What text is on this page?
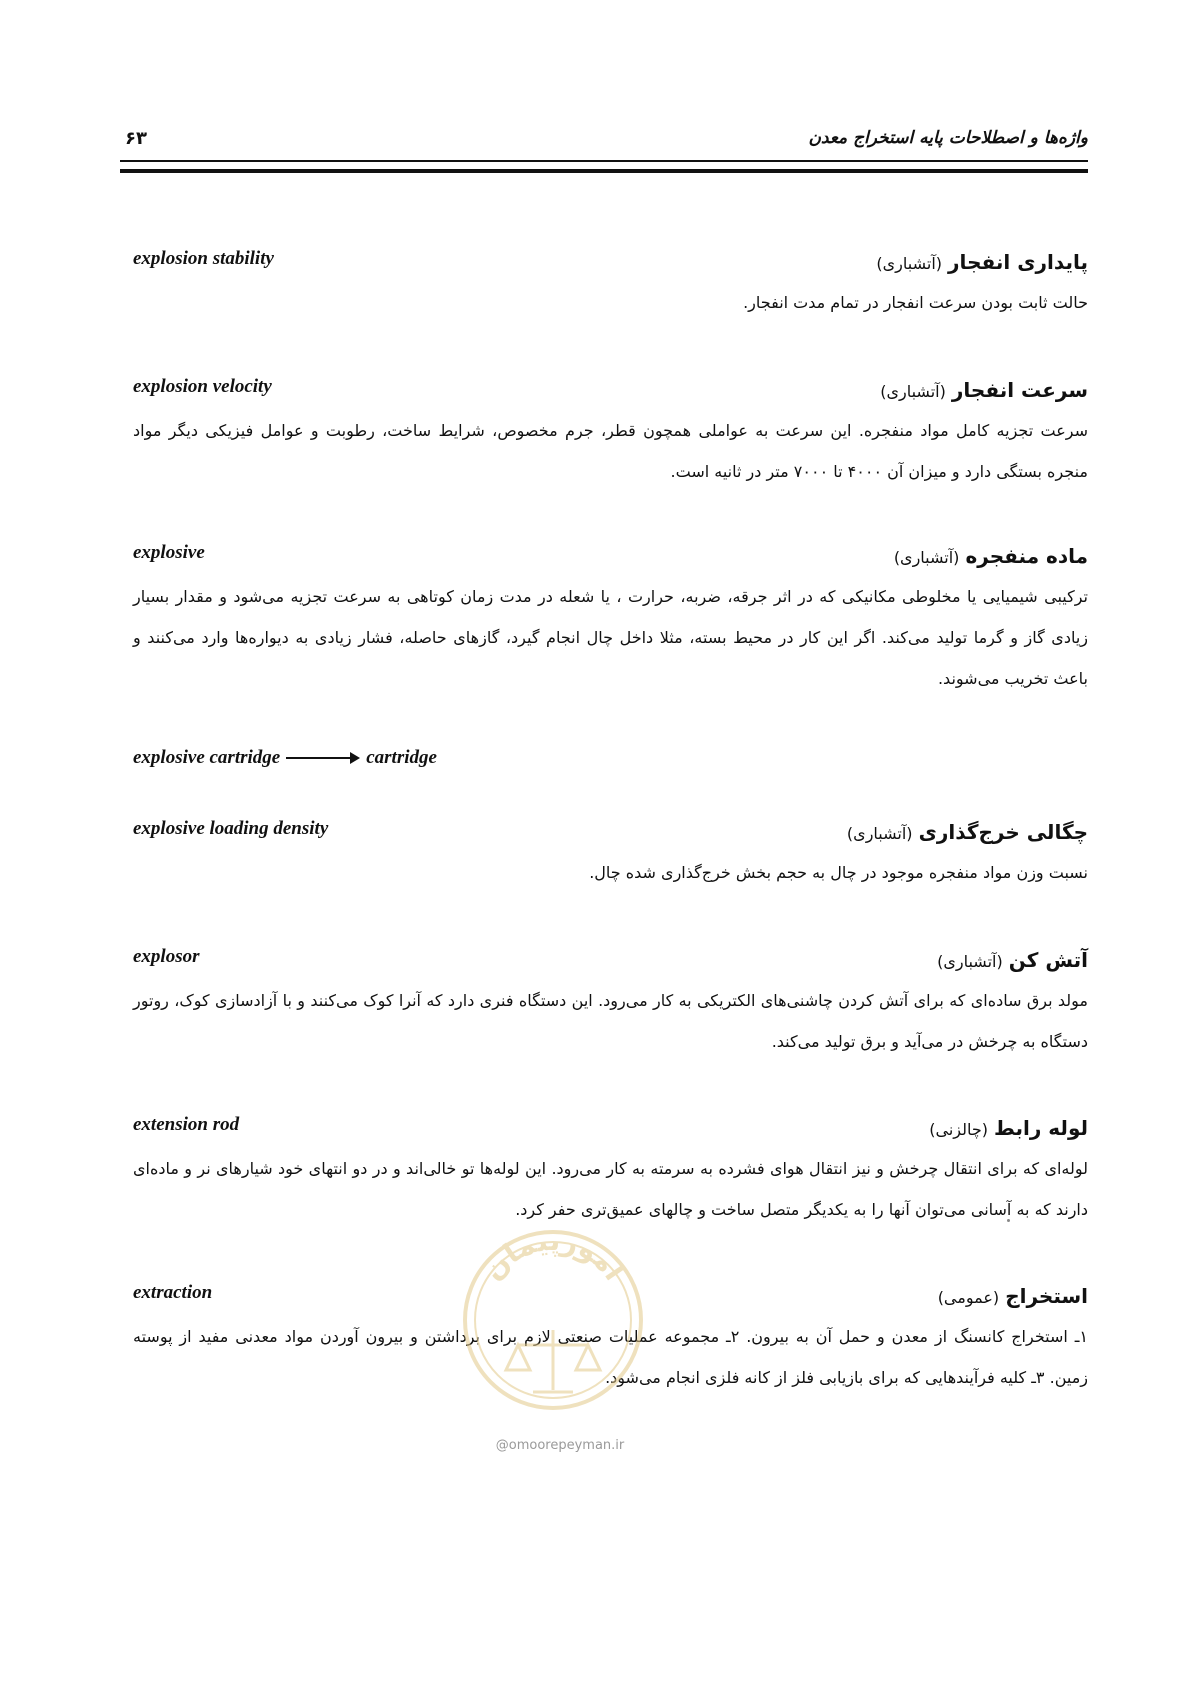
واژه‌ها و اصطلاحات پایه استخراج معدن
۶۳
explosion stability	پایداری انفجار (آتشباری)
حالت ثابت بودن سرعت انفجار در تمام مدت انفجار.
explosion velocity	سرعت انفجار (آتشباری)
سرعت تجزیه کامل مواد منفجره. این سرعت به عواملی همچون قطر، جرم مخصوص، شرایط ساخت، رطوبت و عوامل فیزیکی دیگر مواد منجره بستگی دارد و میزان آن ۴۰۰۰ تا ۷۰۰۰ متر در ثانیه است.
explosive	ماده منفجره (آتشباری)
ترکیبی شیمیایی یا مخلوطی مکانیکی که در اثر جرقه، ضربه، حرارت ، یا شعله در مدت زمان کوتاهی به سرعت تجزیه می‌شود و مقدار بسیار زیادی گاز و گرما تولید می‌کند. اگر این کار در محیط بسته، مثلا داخل چال انجام گیرد، گازهای حاصله، فشار زیادی به دیواره‌ها وارد می‌کنند و باعث تخریب می‌شوند.
explosive cartridge	cartridge
explosive loading density	چگالی خرج‌گذاری (آتشباری)
نسبت وزن مواد منفجره موجود در چال به حجم بخش خرج‌گذاری شده چال.
explosor	آتش کن (آتشباری)
مولد برق ساده‌ای که برای آتش کردن چاشنی‌های الکتریکی به کار می‌رود. این دستگاه فنری دارد که آنرا کوک می‌کنند و با آزادسازی کوک، روتور دستگاه به چرخش در می‌آید و برق تولید می‌کند.
extension rod	لوله رابط (چالزنی)
لوله‌ای که برای انتقال چرخش و نیز انتقال هوای فشرده به سرمته به کار می‌رود. این لوله‌ها تو خالی‌اند و در دو انتهای خود شیارهای نر و ماده‌ای دارند که به آسانی می‌توان آنها را به یکدیگر متصل ساخت و چالهای عمیق‌تری حفر کرد.
extraction	استخراج (عمومی)
۱ـ استخراج کانسنگ از معدن و حمل آن به بیرون. ۲ـ مجموعه عملیات صنعتی لازم برای برداشتن و بیرون آوردن مواد معدنی مفید از پوسته زمین. ۳ـ کلیه فرآیندهایی که برای بازیابی فلز از کانه فلزی انجام می‌شود.
امورپیمان
@omoorepeyman.ir
